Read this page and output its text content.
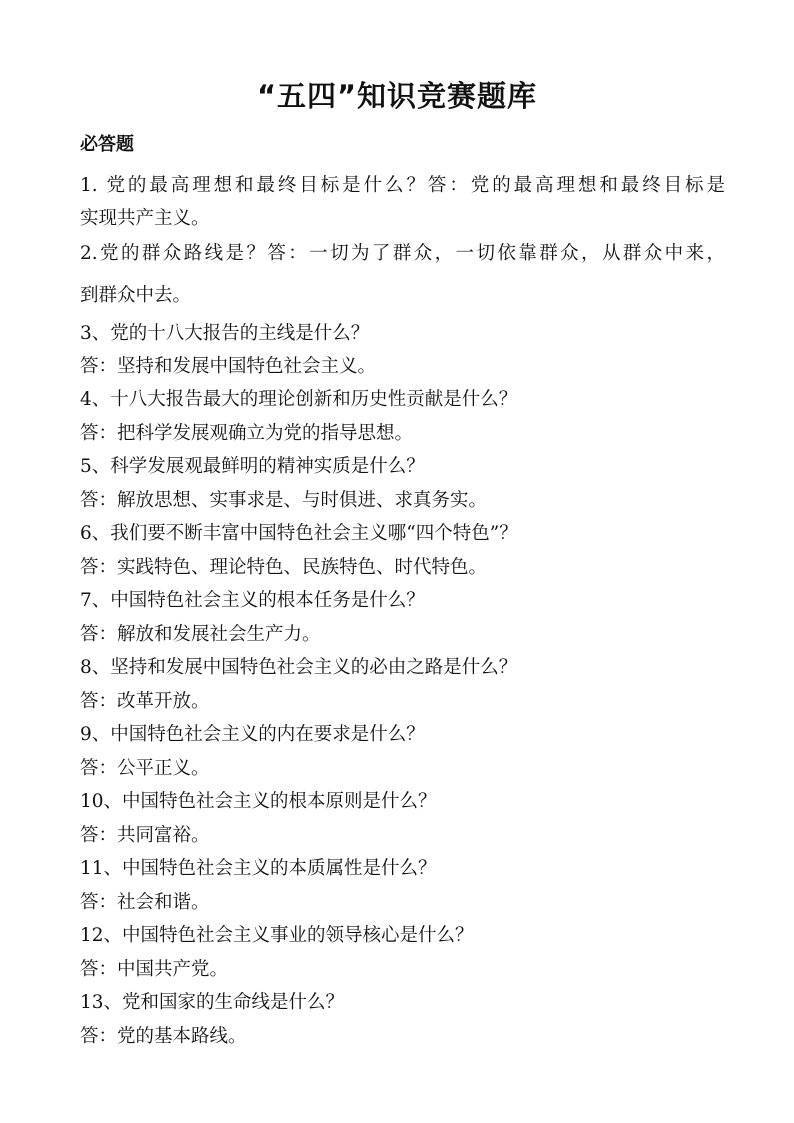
“五四”知识竞赛题库
必答题
1. 党的最高理想和最终目标是什么？答：党的最高理想和最终目标是
实现共产主义。
2.党的群众路线是？答：一切为了群众，一切依靠群众，从群众中来，
到群众中去。
3、党的十八大报告的主线是什么？
答：坚持和发展中国特色社会主义。
4、十八大报告最大的理论创新和历史性贡献是什么？
答：把科学发展观确立为党的指导思想。
5、科学发展观最鲜明的精神实质是什么？
答：解放思想、实事求是、与时俱进、求真务实。
6、我们要不断丰富中国特色社会主义哪“四个特色”？
答：实践特色、理论特色、民族特色、时代特色。
7、中国特色社会主义的根本任务是什么？
答：解放和发展社会生产力。
8、坚持和发展中国特色社会主义的必由之路是什么？
答：改革开放。
9、中国特色社会主义的内在要求是什么？
答：公平正义。
10、中国特色社会主义的根本原则是什么？
答：共同富裕。
11、中国特色社会主义的本质属性是什么？
答：社会和谐。
12、中国特色社会主义事业的领导核心是什么？
答：中国共产党。
13、党和国家的生命线是什么？
答：党的基本路线。
